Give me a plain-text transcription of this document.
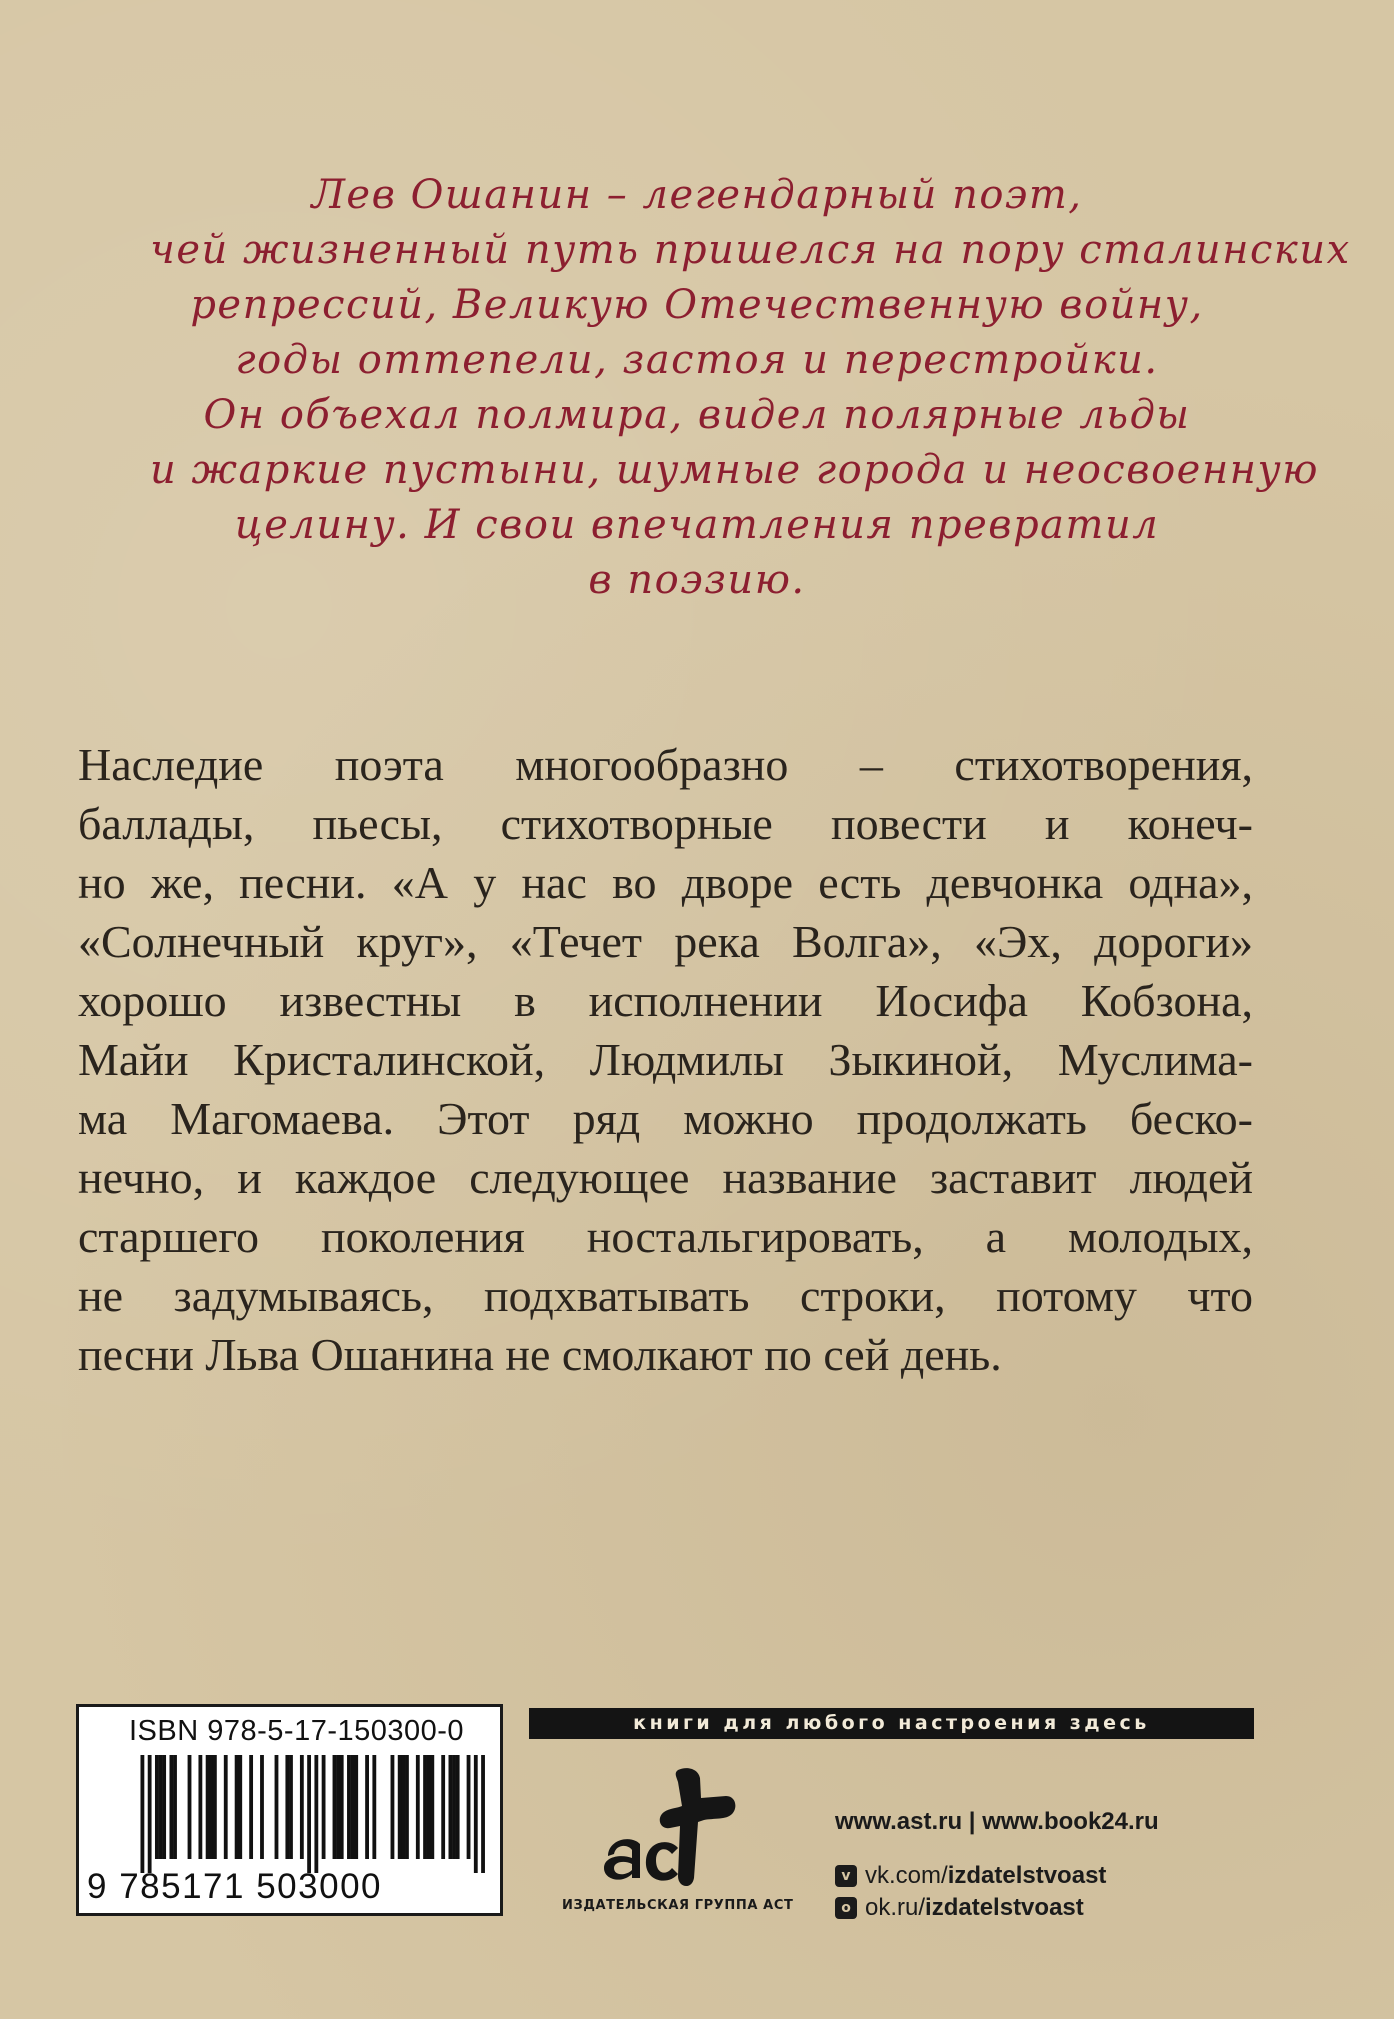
Лев Ошанин – легендарный поэт,
чей жизненный путь пришелся на пору сталинских
репрессий, Великую Отечественную войну,
годы оттепели, застоя и перестройки.
Он объехал полмира, видел полярные льды
и жаркие пустыни, шумные города и неосвоенную
целину. И свои впечатления превратил
в поэзию.
Наследие поэта многообразно – стихотворения,
баллады, пьесы, стихотворные повести и конеч-
но же, песни. «А у нас во дворе есть девчонка одна»,
«Солнечный круг», «Течет река Волга», «Эх, дороги»
хорошо известны в исполнении Иосифа Кобзона,
Майи Кристалинской, Людмилы Зыкиной, Муслима-
ма Магомаева. Этот ряд можно продолжать беско-
нечно, и каждое следующее название заставит людей
старшего поколения ностальгировать, а молодых,
не задумываясь, подхватывать строки, потому что
песни Льва Ошанина не смолкают по сей день.
ISBN 978-5-17-150300-0
9 785171 503000
книги для любого настроения здесь
аст
ИЗДАТЕЛЬСКАЯ ГРУППА АСТ
www.ast.ru | www.book24.ru
v vk.com/ izdatelstvoast
o ok.ru/ izdatelstvoast
